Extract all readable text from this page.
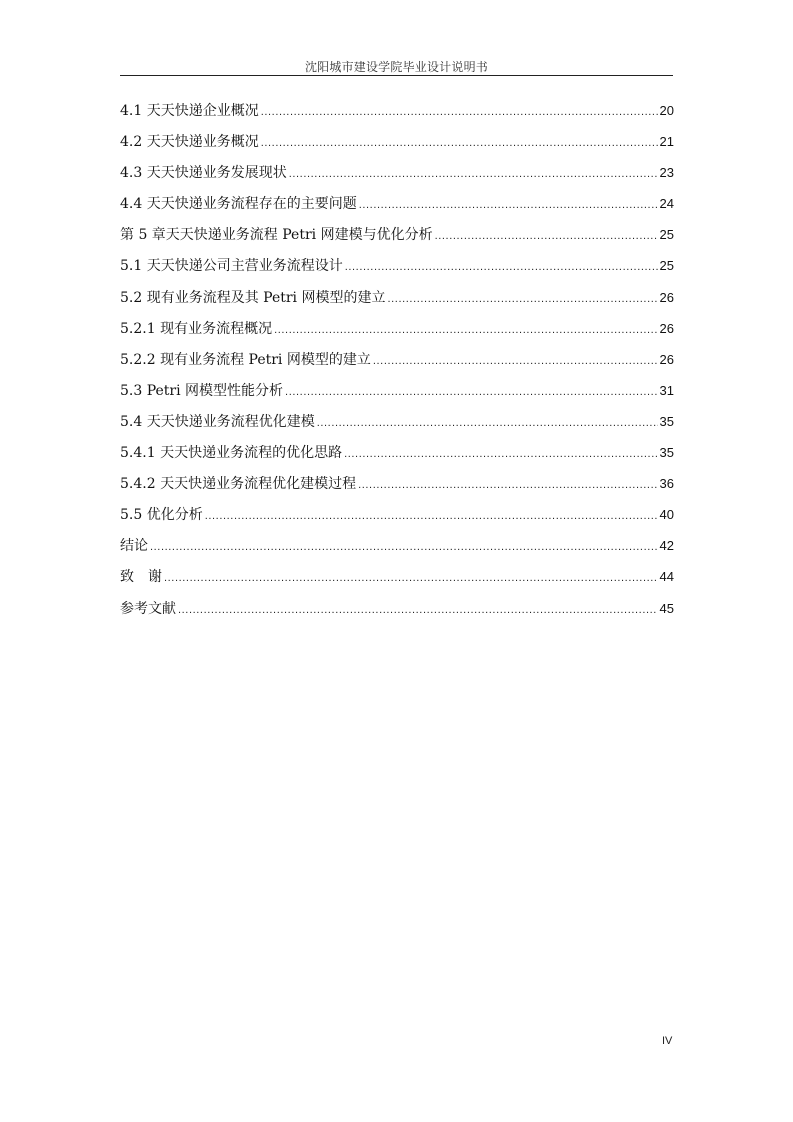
沈阳城市建设学院毕业设计说明书
4.1 天天快递企业概况 .....	20
4.2 天天快递业务概况 .....	21
4.3 天天快递业务发展现状 .....	23
4.4 天天快递业务流程存在的主要问题 .....	24
第 5 章天天快递业务流程 Petri 网建模与优化分析 .....	25
5.1 天天快递公司主营业务流程设计 .....	25
5.2 现有业务流程及其 Petri 网模型的建立 .....	26
5.2.1 现有业务流程概况 .....	26
5.2.2 现有业务流程 Petri 网模型的建立 .....	26
5.3 Petri 网模型性能分析 .....	31
5.4 天天快递业务流程优化建模 .....	35
5.4.1 天天快递业务流程的优化思路 .....	35
5.4.2 天天快递业务流程优化建模过程 .....	36
5.5 优化分析 .....	40
结论 .....	42
致　谢 .....	44
参考文献 .....	45
IV
